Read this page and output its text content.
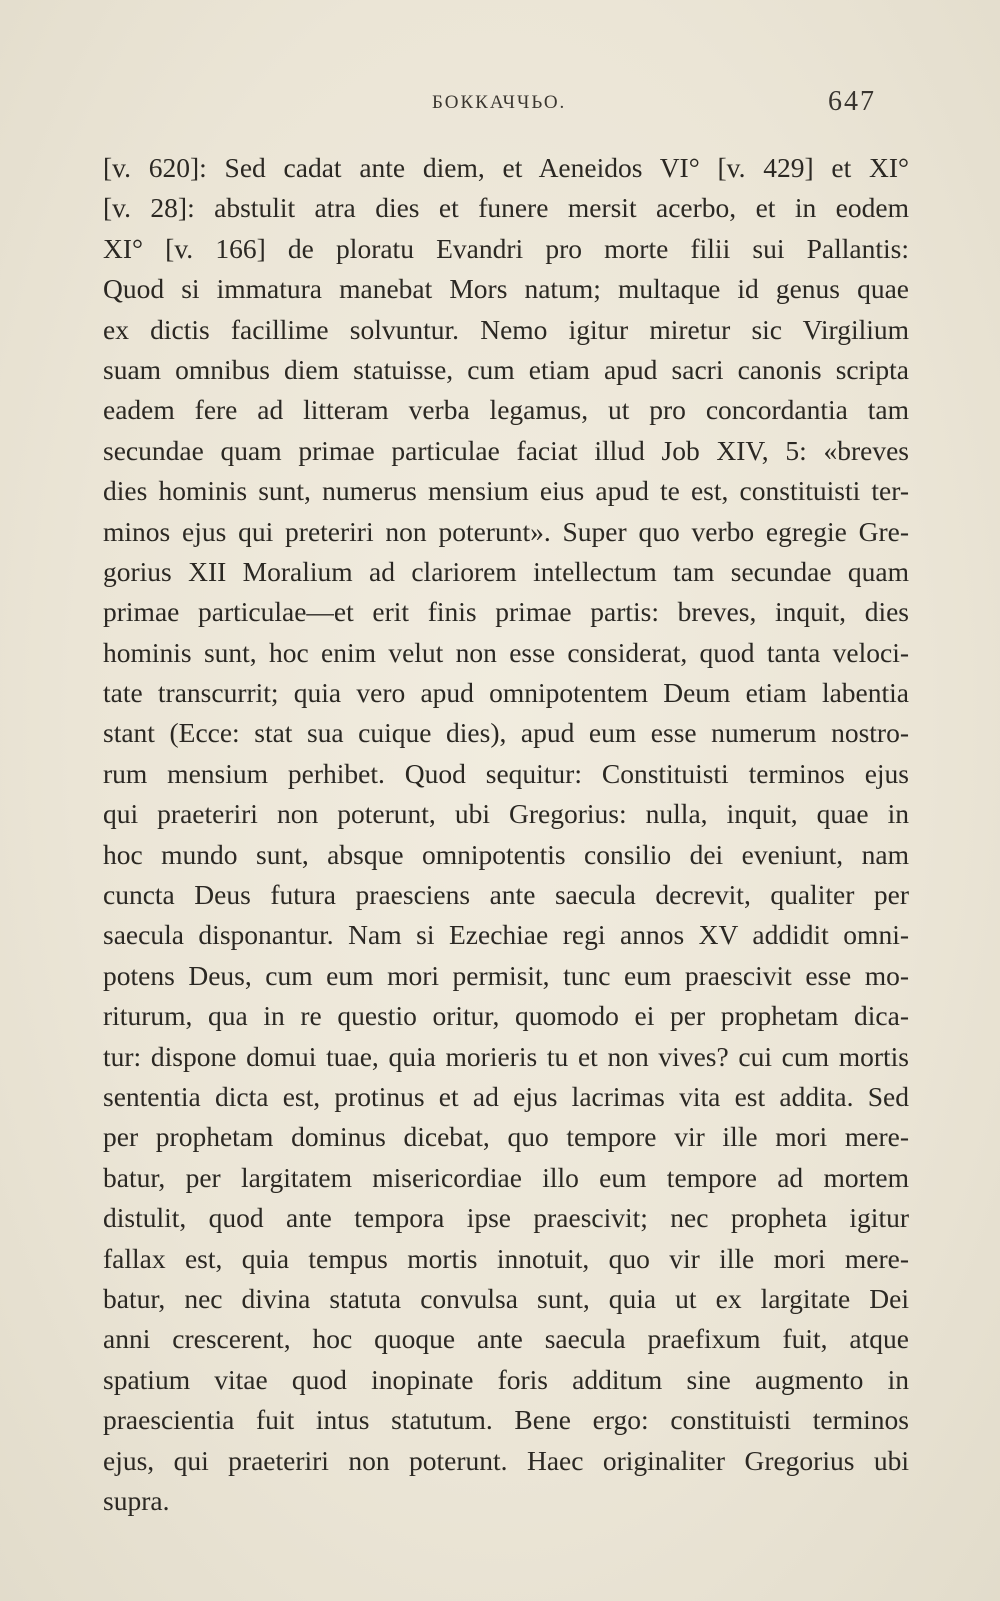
БОККАЧЧЬО.	647
[v. 620]: Sed cadat ante diem, et Aeneidos VI° [v. 429] et XI°
[v. 28]: abstulit atra dies et funere mersit acerbo, et in eodem
XI° [v. 166] de ploratu Evandri pro morte filii sui Pallantis:
Quod si immatura manebat Mors natum; multaque id genus quae
ex dictis facillime solvuntur. Nemo igitur miretur sic Virgilium
suam omnibus diem statuisse, cum etiam apud sacri canonis scripta
eadem fere ad litteram verba legamus, ut pro concordantia tam
secundae quam primae particulae faciat illud Job XIV, 5: «breves
dies hominis sunt, numerus mensium eius apud te est, constituisti ter-
minos ejus qui preteriri non poterunt». Super quo verbo egregie Gre-
gorius XII Moralium ad clariorem intellectum tam secundae quam
primae particulae—et erit finis primae partis: breves, inquit, dies
hominis sunt, hoc enim velut non esse considerat, quod tanta veloci-
tate transcurrit; quia vero apud omnipotentem Deum etiam labentia
stant (Ecce: stat sua cuique dies), apud eum esse numerum nostro-
rum mensium perhibet. Quod sequitur: Constituisti terminos ejus
qui praeteriri non poterunt, ubi Gregorius: nulla, inquit, quae in
hoc mundo sunt, absque omnipotentis consilio dei eveniunt, nam
cuncta Deus futura praesciens ante saecula decrevit, qualiter per
saecula disponantur. Nam si Ezechiae regi annos XV addidit omni-
potens Deus, cum eum mori permisit, tunc eum praescivit esse mo-
riturum, qua in re questio oritur, quomodo ei per prophetam dica-
tur: dispone domui tuae, quia morieris tu et non vives? cui cum mortis
sententia dicta est, protinus et ad ejus lacrimas vita est addita. Sed
per prophetam dominus dicebat, quo tempore vir ille mori mere-
batur, per largitatem misericordiae illo eum tempore ad mortem
distulit, quod ante tempora ipse praescivit; nec propheta igitur
fallax est, quia tempus mortis innotuit, quo vir ille mori mere-
batur, nec divina statuta convulsa sunt, quia ut ex largitate Dei
anni crescerent, hoc quoque ante saecula praefixum fuit, atque
spatium vitae quod inopinate foris additum sine augmento in
praescientia fuit intus statutum. Bene ergo: constituisti terminos
ejus, qui praeteriri non poterunt. Haec originaliter Gregorius ubi
supra.
